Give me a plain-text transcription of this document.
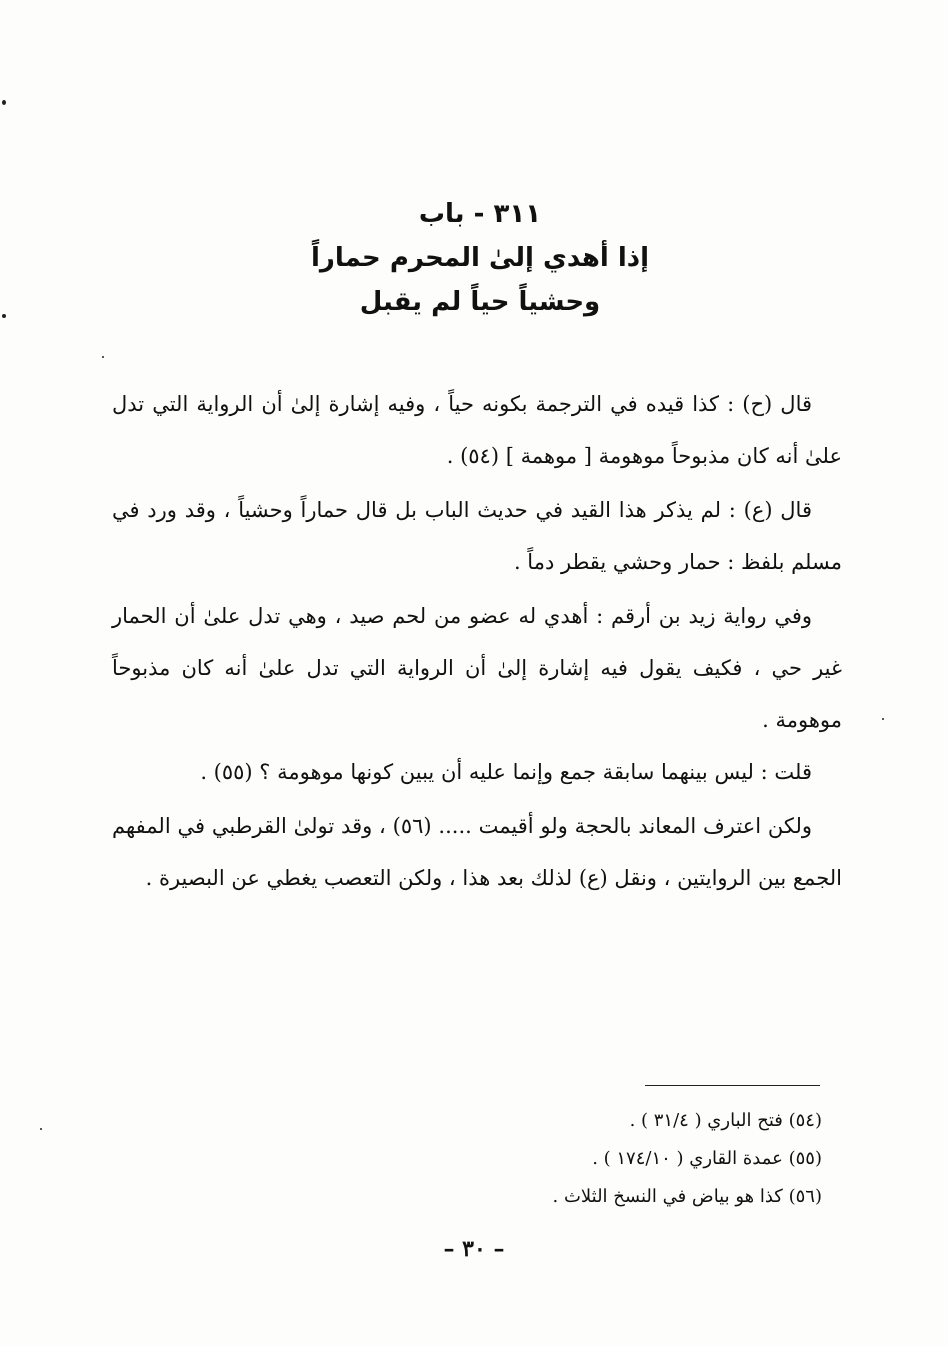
٣١١ - باب
إذا أهدي إلىٰ المحرم حماراً
وحشياً حياً لم يقبل

قال (ح) : كذا قيده في الترجمة بكونه حياً ، وفيه إشارة إلىٰ أن الرواية التي تدل علىٰ أنه كان مذبوحاً موهومة [ موهمة ] (٥٤) .

قال (ع) : لم يذكر هذا القيد في حديث الباب بل قال حماراً وحشياً ، وقد ورد في مسلم بلفظ : حمار وحشي يقطر دماً .

وفي رواية زيد بن أرقم : أهدي له عضو من لحم صيد ، وهي تدل علىٰ أن الحمار غير حي ، فكيف يقول فيه إشارة إلىٰ أن الرواية التي تدل علىٰ أنه كان مذبوحاً موهومة .

قلت : ليس بينهما سابقة جمع وإنما عليه أن يبين كونها موهومة ؟ (٥٥) .

ولكن اعترف المعاند بالحجة ولو أقيمت ..... (٥٦) ، وقد تولىٰ القرطبي في المفهم الجمع بين الروايتين ، ونقل (ع) لذلك بعد هذا ، ولكن التعصب يغطي عن البصيرة .

(٥٤) فتح الباري ( ٣١/٤ ) .
(٥٥) عمدة القاري ( ١٧٤/١٠ ) .
(٥٦) كذا هو بياض في النسخ الثلاث .
– ٣٠ –
